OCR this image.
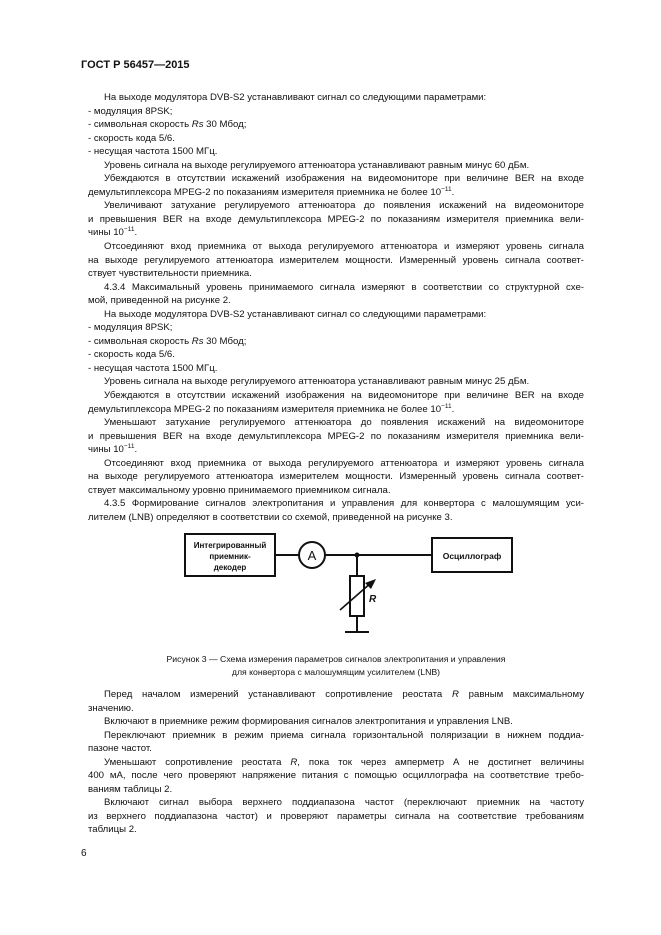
ГОСТ Р 56457—2015

На выходе модулятора DVB-S2 устанавливают сигнал со следующими параметрами:

- модуляция 8PSK;

- символьная скорость Rs 30 Мбод;

- скорость кода 5/6.

- несущая частота 1500 МГц.

Уровень сигнала на выходе регулируемого аттенюатора устанавливают равным минус 60 дБм.

Убеждаются в отсутствии искажений изображения на видеомониторе при величине BER на входе

демультиплексора MPEG-2 по показаниям измерителя приемника не более $10^{-11}$.

Увеличивают затухание регулируемого аттенюатора до появления искажений на видеомониторе

и превышения BER на входе демультиплексора MPEG-2 по показаниям измерителя приемника вели-

чины $10^{-11}$.

Отсоединяют вход приемника от выхода регулируемого аттенюатора и измеряют уровень сигнала

на выходе регулируемого аттенюатора измерителем мощности. Измеренный уровень сигнала соответ-

ствует чувствительности приемника.

4.3.4 Максимальный уровень принимаемого сигнала измеряют в соответствии со структурной схе-

мой, приведенной на рисунке 2.

На выходе модулятора DVB-S2 устанавливают сигнал со следующими параметрами:

- модуляция 8PSK;

- символьная скорость Rs 30 Мбод;

- скорость кода 5/6.

- несущая частота 1500 МГц.

Уровень сигнала на выходе регулируемого аттенюатора устанавливают равным минус 25 дБм.

Убеждаются в отсутствии искажений изображения на видеомониторе при величине BER на входе

демультиплексора MPEG-2 по показаниям измерителя приемника не более $10^{-11}$.

Уменьшают затухание регулируемого аттенюатора до появления искажений на видеомониторе

и превышения BER на входе демультиплексора MPEG-2 по показаниям измерителя приемника вели-

чины $10^{-11}$.

Отсоединяют вход приемника от выхода регулируемого аттенюатора и измеряют уровень сигнала

на выходе регулируемого аттенюатора измерителем мощности. Измеренный уровень сигнала соответ-

ствует максимальному уровню принимаемого приемником сигнала.

4.3.5 Формирование сигналов электропитания и управления для конвертора с малошумящим уси-

лителем (LNB) определяют в соответствии со схемой, приведенной на рисунке 3.

Интегрированный
приемник-
декодер
A
R
Осциллограф
Рисунок 3 — Схема измерения параметров сигналов электропитания и управления
для конвертора с малошумящим усилителем (LNB)

Перед началом измерений устанавливают сопротивление реостата R равным максимальному

значению.

Включают в приемнике режим формирования сигналов электропитания и управления LNB.

Переключают приемник в режим приема сигнала горизонтальной поляризации в нижнем поддиа-

пазоне частот.

Уменьшают сопротивление реостата R, пока ток через амперметр А не достигнет величины

400 мА, после чего проверяют напряжение питания с помощью осциллографа на соответствие требо-

ваниям таблицы 2.

Включают сигнал выбора верхнего поддиапазона частот (переключают приемник на частоту

из верхнего поддиапазона частот) и проверяют параметры сигнала на соответствие требованиям

таблицы 2.

6
